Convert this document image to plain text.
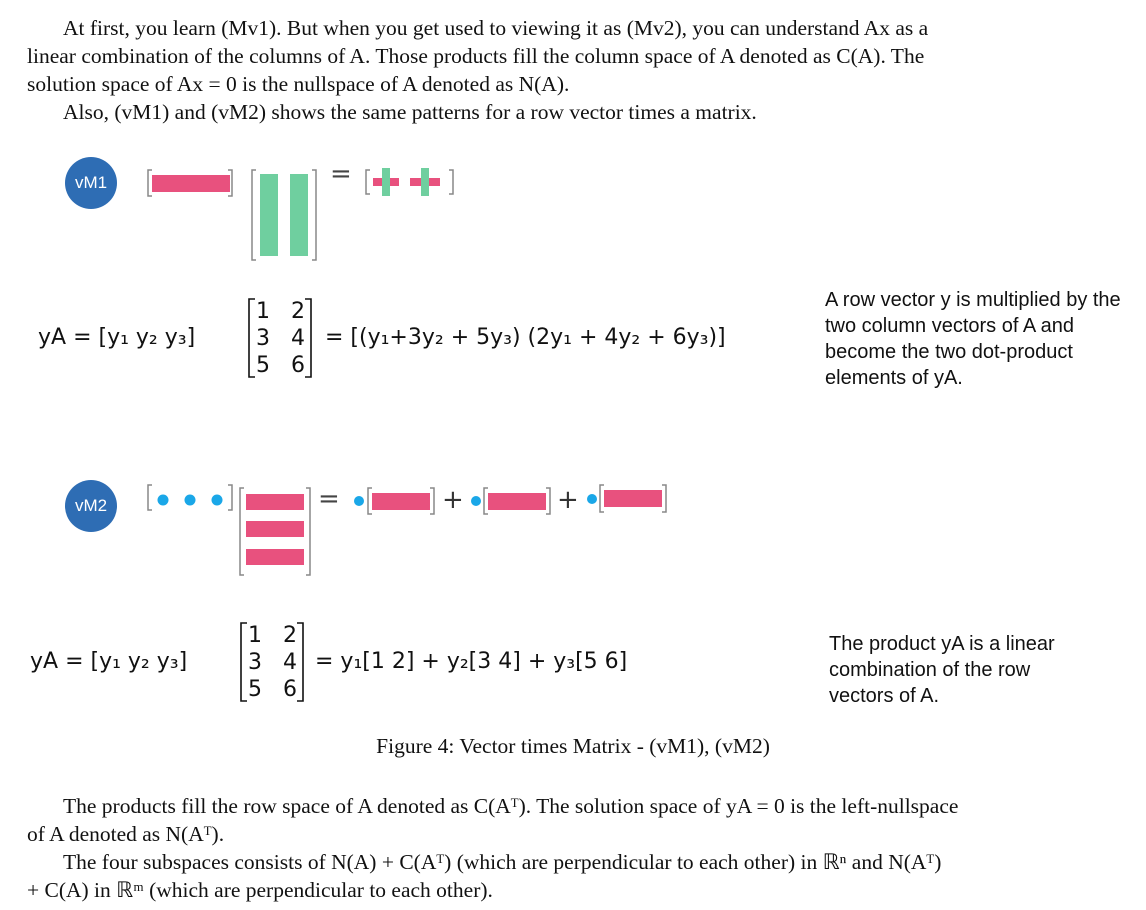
At first, you learn (Mv1). But when you get used to viewing it as (Mv2), you can understand Ax as a
linear combination of the columns of A. Those products fill the column space of A denoted as C(A). The
solution space of Ax = 0 is the nullspace of A denoted as N(A).
Also, (vM1) and (vM2) shows the same patterns for a row vector times a matrix.
vM1	=
yA = [y₁ y₂ y₃]
1 2
3 4
5 6
= [(y₁+3y₂ + 5y₃) (2y₁ + 4y₂ + 6y₃)]
A row vector y is multiplied by the two column vectors of A and become the two dot-product elements of yA.
vM2	=	+	+
yA = [y₁ y₂ y₃]
1 2
3 4
5 6
= y₁[1 2] + y₂[3 4] + y₃[5 6]
The product yA is a linear combination of the row vectors of A.
Figure 4: Vector times Matrix - (vM1), (vM2)
The products fill the row space of A denoted as C(Aᵀ). The solution space of yA = 0 is the left-nullspace
of A denoted as N(Aᵀ).
The four subspaces consists of N(A) + C(Aᵀ) (which are perpendicular to each other) in ℝⁿ and N(Aᵀ)
+ C(A) in ℝᵐ (which are perpendicular to each other).
